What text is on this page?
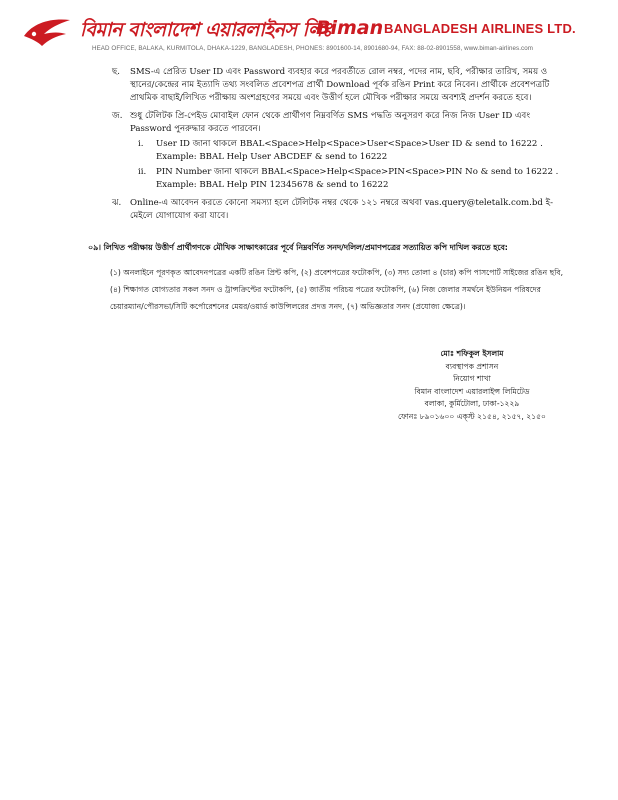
বিমান বাংলাদেশ এয়ারলাইনস লিঃ
Biman BANGLADESH AIRLINES LTD.
HEAD OFFICE, BALAKA, KURMITOLA, DHAKA-1229, BANGLADESH, PHONES: 8901600-14, 8901680-94, FAX: 88-02-8901558, www.biman-airlines.com
ছ. SMS-এ প্রেরিত User ID এবং Password ব্যবহার করে পরবর্তীতে রোল নম্বর, পদের নাম, ছবি, পরীক্ষার তারিখ, সময় ও স্থানের/কেন্দ্রের নাম ইত্যাদি তথ্য সংবলিত প্রবেশপত্র প্রার্থী Download পূর্বক রঙিন Print করে নিবেন। প্রার্থীকে প্রবেশপত্রটি প্রাথমিক বাছাই/লিখিত পরীক্ষায় অংশগ্রহণের সময়ে এবং উত্তীর্ণ হলে মৌখিক পরীক্ষার সময়ে অবশ্যই প্রদর্শন করতে হবে।
জ. শুধু টেলিটক প্রি-পেইড মোবাইল ফোন থেকে প্রার্থীগণ নিম্নবর্ণিত SMS পদ্ধতি অনুসরণ করে নিজ নিজ User ID এবং Password পুনরুদ্ধার করতে পারবেন।
i. User ID জানা থাকলে BBAL<Space>Help<Space>User<Space>User ID & send to 16222 .
Example: BBAL Help User ABCDEF & send to 16222
ii. PIN Number জানা থাকলে BBAL<Space>Help<Space>PIN<Space>PIN No & send to 16222 .
Example: BBAL Help PIN 12345678 & send to 16222
ঝ. Online-এ আবেদন করতে কোনো সমস্যা হলে টেলিটক নম্বর থেকে ১২১ নম্বরে অথবা vas.query@teletalk.com.bd ই-মেইলে যোগাযোগ করা যাবে।
০৯। লিখিত পরীক্ষায় উত্তীর্ণ প্রার্থীগণকে মৌখিক সাক্ষাৎকারের পূর্বে নিম্নবর্ণিত সনদ/দলিল/প্রমাণপত্রের সত্যায়িত কপি দাখিল করতে হবে:
(১) অনলাইনে পূরণকৃত আবেদনপত্রের একটি রঙিন প্রিন্ট কপি, (২) প্রবেশপত্রের ফটোকপি, (৩) সদ্য তোলা ৪ (চার) কপি পাসপোর্ট সাইজের রঙিন ছবি, (৪) শিক্ষাগত যোগ্যতার সকল সনদ ও ট্রান্সক্রিপ্টের ফটোকপি, (৫) জাতীয় পরিচয় পত্রের ফটোকপি, (৬) নিজ জেলার সমর্থনে ইউনিয়ন পরিষদের চেয়ারম্যান/পৌরসভা/সিটি কর্পোরেশনের মেয়র/ওয়ার্ড কাউন্সিলরের প্রদত্ত সনদ, (৭) অভিজ্ঞতার সনদ (প্রযোজ্য ক্ষেত্রে)।
মোঃ শফিকুল ইসলাম
ব্যবস্থাপক প্রশাসন
নিয়োগ শাখা
বিমান বাংলাদেশ এয়ারলাইন্স লিমিটেড
বলাকা, কুর্মিটোলা, ঢাকা-১২২৯
ফোনঃ ৮৯০১৬০০ এক্স্ট ২১৫৪, ২১৫৭, ২১৫০
